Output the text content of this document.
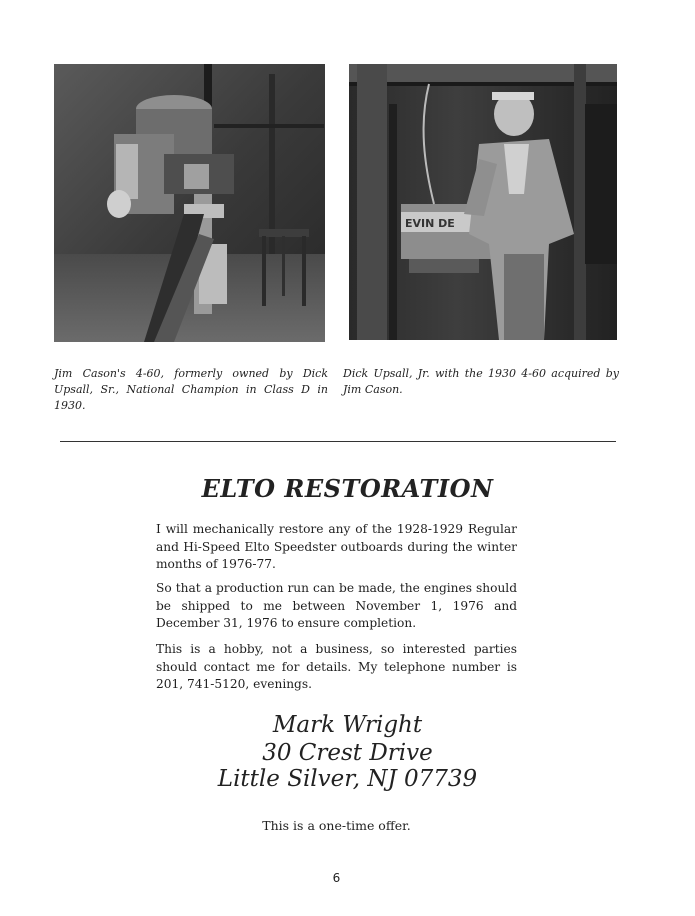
EVIN DE
Jim Cason's 4-60, formerly owned by Dick Upsall, Sr., National Champion in Class D in 1930.
Dick Upsall, Jr. with the 1930 4-60 acquired by Jim Cason.
ELTO RESTORATION

I will mechanically restore any of the 1928-1929 Regular and Hi-Speed Elto Speedster outboards during the winter months of 1976-77.

So that a production run can be made, the engines should be shipped to me between November 1, 1976 and December 31, 1976 to ensure completion.

This is a hobby, not a business, so interested parties should contact me for details. My telephone number is 201, 741-5120, evenings.

Mark Wright
30 Crest Drive
Little Silver, NJ 07739
This is a one-time offer.
6
